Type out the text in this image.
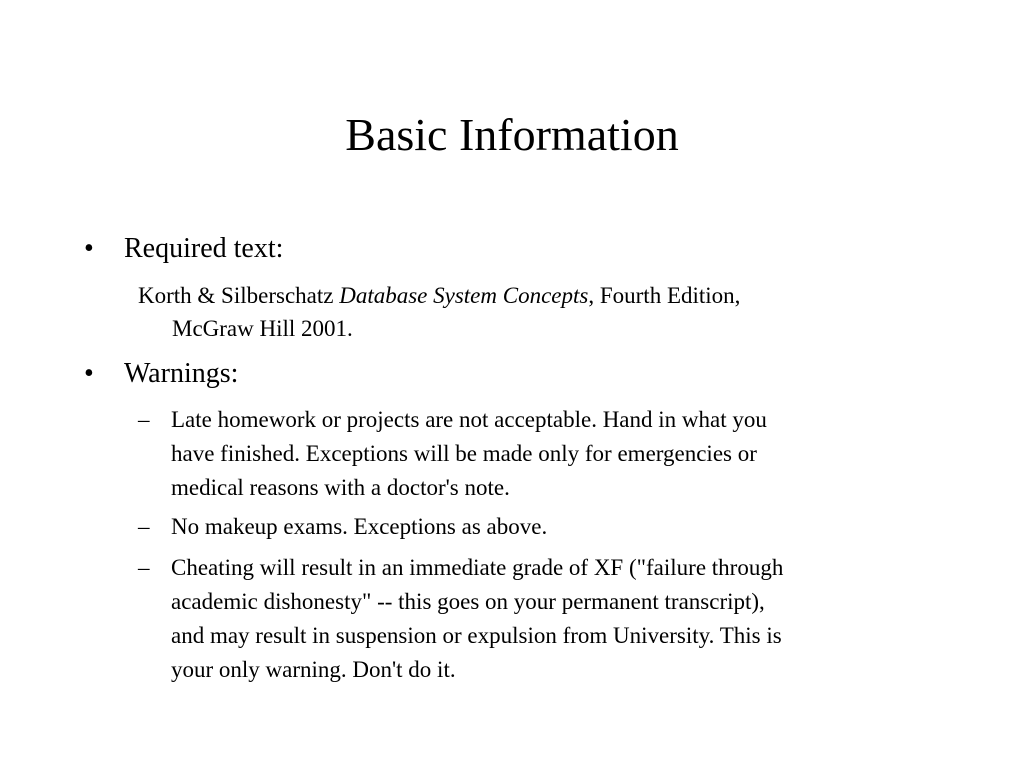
Basic Information
• Required text:
Korth & Silberschatz Database System Concepts, Fourth Edition,
McGraw Hill 2001.
• Warnings:
– Late homework or projects are not acceptable. Hand in what you
have finished. Exceptions will be made only for emergencies or
medical reasons with a doctor's note.
– No makeup exams. Exceptions as above.
– Cheating will result in an immediate grade of XF ("failure through
academic dishonesty" -- this goes on your permanent transcript),
and may result in suspension or expulsion from University. This is
your only warning. Don't do it.
